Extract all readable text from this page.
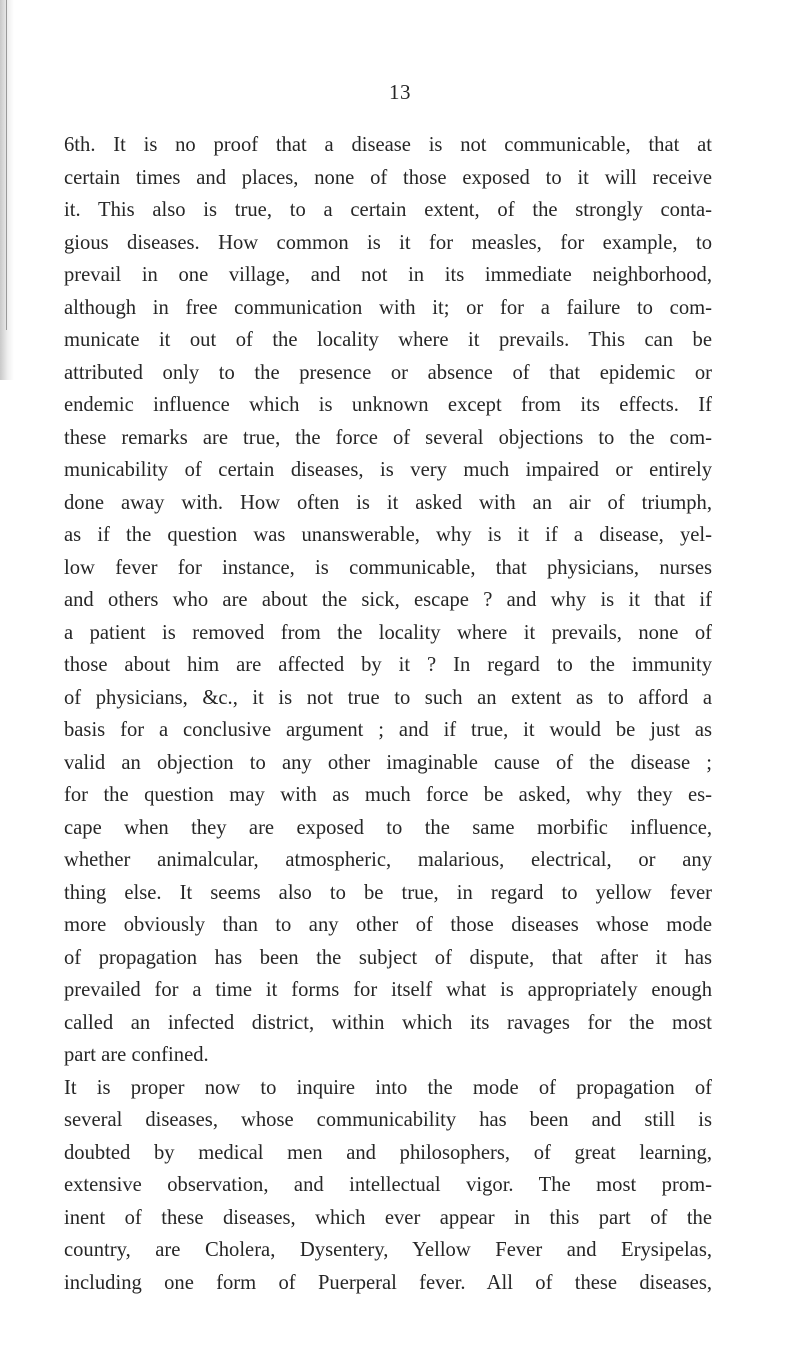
13
6th. It is no proof that a disease is not communicable, that at
certain times and places, none of those exposed to it will receive
it. This also is true, to a certain extent, of the strongly conta-
gious diseases. How common is it for measles, for example, to
prevail in one village, and not in its immediate neighborhood,
although in free communication with it; or for a failure to com-
municate it out of the locality where it prevails. This can be
attributed only to the presence or absence of that epidemic or
endemic influence which is unknown except from its effects. If
these remarks are true, the force of several objections to the com-
municability of certain diseases, is very much impaired or entirely
done away with. How often is it asked with an air of triumph,
as if the question was unanswerable, why is it if a disease, yel-
low fever for instance, is communicable, that physicians, nurses
and others who are about the sick, escape ? and why is it that if
a patient is removed from the locality where it prevails, none of
those about him are affected by it ? In regard to the immunity
of physicians, &c., it is not true to such an extent as to afford a
basis for a conclusive argument ; and if true, it would be just as
valid an objection to any other imaginable cause of the disease ;
for the question may with as much force be asked, why they es-
cape when they are exposed to the same morbific influence,
whether animalcular, atmospheric, malarious, electrical, or any
thing else. It seems also to be true, in regard to yellow fever
more obviously than to any other of those diseases whose mode
of propagation has been the subject of dispute, that after it has
prevailed for a time it forms for itself what is appropriately enough
called an infected district, within which its ravages for the most
part are confined.
It is proper now to inquire into the mode of propagation of
several diseases, whose communicability has been and still is
doubted by medical men and philosophers, of great learning,
extensive observation, and intellectual vigor. The most prom-
inent of these diseases, which ever appear in this part of the
country, are Cholera, Dysentery, Yellow Fever and Erysipelas,
including one form of Puerperal fever. All of these diseases,
